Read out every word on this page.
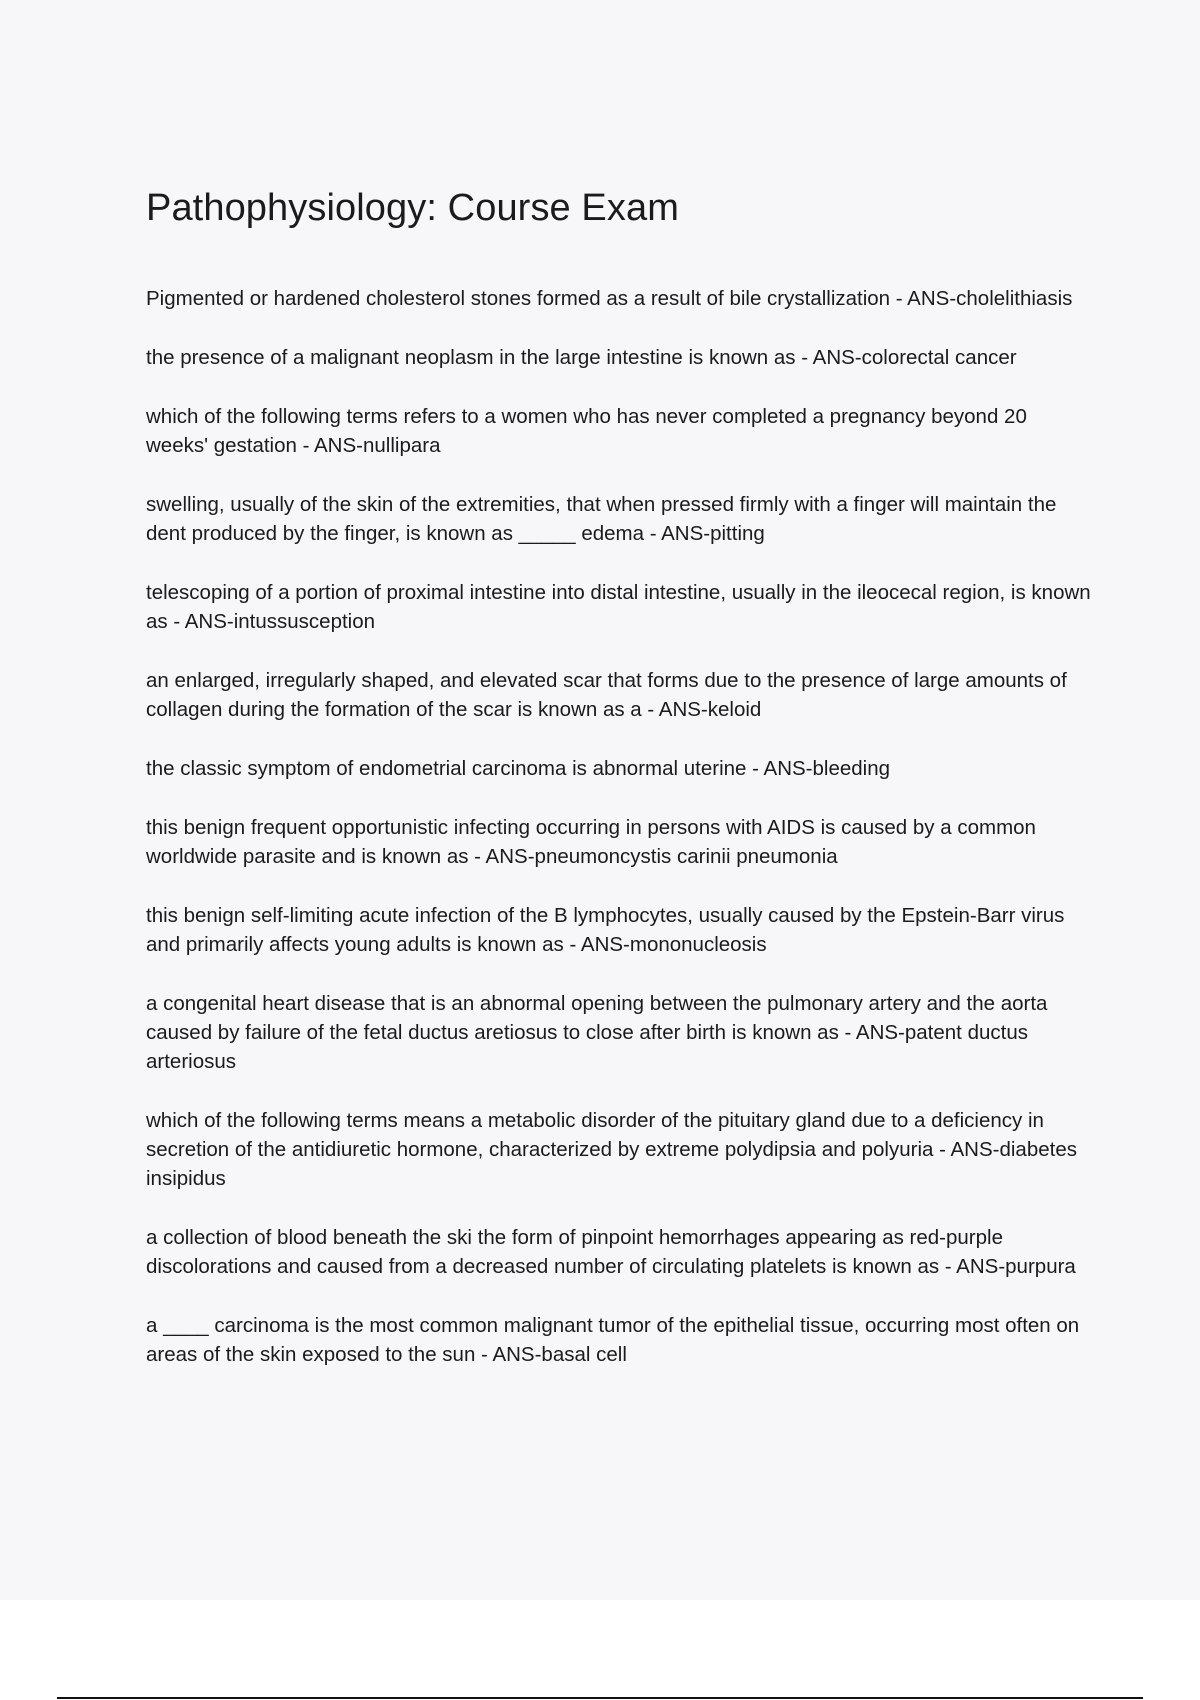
Pathophysiology: Course Exam

Pigmented or hardened cholesterol stones formed as a result of bile crystallization - ANS-cholelithiasis

the presence of a malignant neoplasm in the large intestine is known as - ANS-colorectal cancer

which of the following terms refers to a women who has never completed a pregnancy beyond 20 weeks' gestation - ANS-nullipara

swelling, usually of the skin of the extremities, that when pressed firmly with a finger will maintain the dent produced by the finger, is known as _____ edema - ANS-pitting

telescoping of a portion of proximal intestine into distal intestine, usually in the ileocecal region, is known as - ANS-intussusception

an enlarged, irregularly shaped, and elevated scar that forms due to the presence of large amounts of collagen during the formation of the scar is known as a - ANS-keloid

the classic symptom of endometrial carcinoma is abnormal uterine - ANS-bleeding

this benign frequent opportunistic infecting occurring in persons with AIDS is caused by a common worldwide parasite and is known as - ANS-pneumoncystis carinii pneumonia

this benign self-limiting acute infection of the B lymphocytes, usually caused by the Epstein-Barr virus and primarily affects young adults is known as - ANS-mononucleosis

a congenital heart disease that is an abnormal opening between the pulmonary artery and the aorta caused by failure of the fetal ductus aretiosus to close after birth is known as - ANS-patent ductus arteriosus

which of the following terms means a metabolic disorder of the pituitary gland due to a deficiency in secretion of the antidiuretic hormone, characterized by extreme polydipsia and polyuria - ANS-diabetes insipidus

a collection of blood beneath the ski the form of pinpoint hemorrhages appearing as red-purple discolorations and caused from a decreased number of circulating platelets is known as - ANS-purpura

a ____ carcinoma is the most common malignant tumor of the epithelial tissue, occurring most often on areas of the skin exposed to the sun - ANS-basal cell
